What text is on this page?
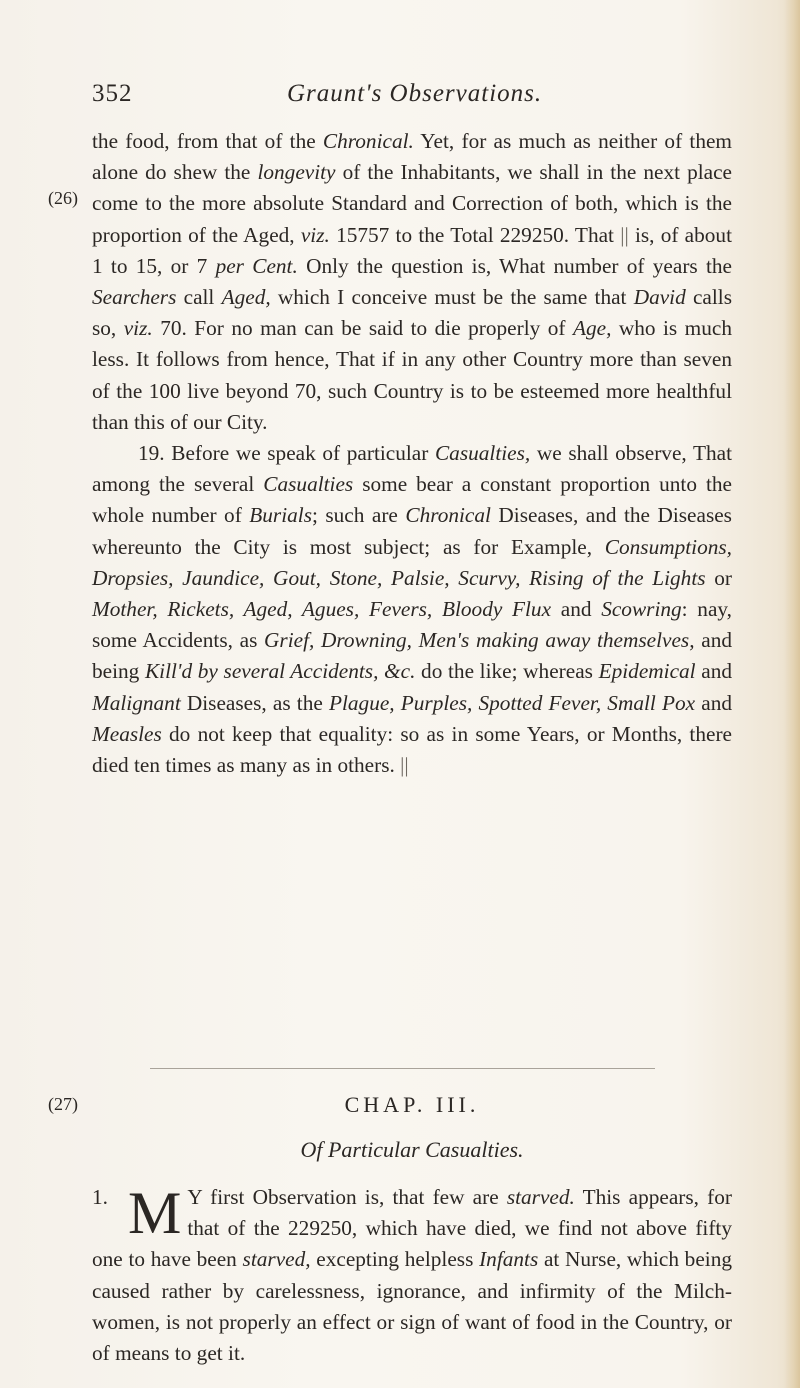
352	Graunt's Observations.
(26)

the food, from that of the Chronical. Yet, for as much as neither of them alone do shew the longevity of the Inhabitants, we shall in the next place come to the more absolute Standard and Correction of both, which is the proportion of the Aged, viz. 15757 to the Total 229250. That || is, of about 1 to 15, or 7 per Cent. Only the question is, What number of years the Searchers call Aged, which I conceive must be the same that David calls so, viz. 70. For no man can be said to die properly of Age, who is much less. It follows from hence, That if in any other Country more than seven of the 100 live beyond 70, such Country is to be esteemed more healthful than this of our City.

19. Before we speak of particular Casualties, we shall observe, That among the several Casualties some bear a constant proportion unto the whole number of Burials; such are Chronical Diseases, and the Diseases whereunto the City is most subject; as for Example, Consumptions, Dropsies, Jaundice, Gout, Stone, Palsie, Scurvy, Rising of the Lights or Mother, Rickets, Aged, Agues, Fevers, Bloody Flux and Scowring: nay, some Accidents, as Grief, Drowning, Men's making away themselves, and being Kill'd by several Accidents, &c. do the like; whereas Epidemical and Malignant Diseases, as the Plague, Purples, Spotted Fever, Small Pox and Measles do not keep that equality: so as in some Years, or Months, there died ten times as many as in others. ||

(27)	CHAP. III.
Of Particular Casualties.
1. M Y first Observation is, that few are starved. This appears, for that of the 229250, which have died, we find not above fifty one to have been starved, excepting helpless Infants at Nurse, which being caused rather by carelessness, ignorance, and infirmity of the Milch-women, is not properly an effect or sign of want of food in the Country, or of means to get it.
